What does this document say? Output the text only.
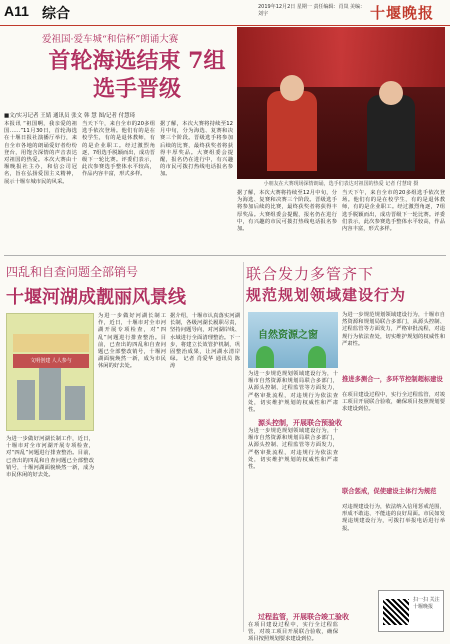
A11 综合	2019年12月2日 星期一 责任编辑：肖岚 美编：刘宇	十堰晚报
爱祖国·爱车城“和信杯”朗诵大赛
首轮海选结束 7组选手晋级
小朋友在大赛现场深情朗诵，选手们表达对祖国的热爱 记者 付慧琦 摄
■文/实习记者 王婧 通讯员 张文 韩 慧 图/记者 付慧琦
本报讯 “祖国啊，我亲爱的祖国……”11月30日，首轮海选在十堰日报社演播厅举行，来自全市各地的朗诵爱好者纷纷登台，用饱含深情的声音表达对祖国的热爱。本次大赛由十堰晚报社主办，和信公司冠名，旨在弘扬爱国主义精神，展示十堰车城市民的风采。
当天下午，来自全市的20多组选手依次登场。他们有的是在校学生，有的是退休教师，有的是企业职工。经过激烈角逐，7组选手脱颖而出，成功晋级下一轮比赛。评委们表示，此次参赛选手整体水平较高，作品内容丰富，形式多样。
据了解，本次大赛将持续至12月中旬，分为海选、复赛和决赛三个阶段。晋级选手将参加后续的比赛，最终获奖者将获得丰厚奖品。大赛组委会提醒，报名仍在进行中，有兴趣的市民可拨打热线电话报名参加。
据了解，本次大赛将持续至12月中旬，分为海选、复赛和决赛三个阶段。晋级选手将参加后续的比赛，最终获奖者将获得丰厚奖品。大赛组委会提醒，报名仍在进行中，有兴趣的市民可拨打热线电话报名参加。
当天下午，来自全市的20多组选手依次登场。他们有的是在校学生，有的是退休教师，有的是企业职工。经过激烈角逐，7组选手脱颖而出，成功晋级下一轮比赛。评委们表示，此次参赛选手整体水平较高，作品内容丰富，形式多样。
四乱和自查问题全部销号
十堰河湖成靓丽风景线
文明创建 人人参与
为进一步做好河湖长制工作，近日，十堰市对全市河湖开展专项检查，对“四乱”问题进行排查整治。目前，已查出的四乱和自查问题已全部整改销号，十堰河湖面貌焕然一新，成为市民休闲的好去处。
据介绍，十堰市认真落实河湖长制，各级河湖长履职尽责，坚持问题导向，对河湖岸线、水域进行全面清理整治。下一步，将建立长效管护机制，巩固整治成果，让河湖水清岸绿。 记者 肖爱华 通讯员 陈涛
为进一步做好河湖长制工作，近日，十堰市对全市河湖开展专项检查，对“四乱”问题进行排查整治。目前，已查出的四乱和自查问题已全部整改销号，十堰河湖面貌焕然一新，成为市民休闲的好去处。
联合发力多管齐下
规范规划领域建设行为
自然资源之窗
为进一步规范规划领域建设行为，十堰市自然资源和规划局联合多部门，从源头控制、过程监管等方面发力，严格审批流程，对违规行为依法查处，切实维护规划的权威性和严肃性。
源头控制，开展联合预验收
为进一步规范规划领域建设行为，十堰市自然资源和规划局联合多部门，从源头控制、过程监管等方面发力，严格审批流程，对违规行为依法查处，切实维护规划的权威性和严肃性。
为进一步规范规划领域建设行为，十堰市自然资源和规划局联合多部门，从源头控制、过程监管等方面发力，严格审批流程，对违规行为依法查处，切实维护规划的权威性和严肃性。
过程监管，开展联合竣工验收
在项目建设过程中，实行全过程监管，对竣工项目开展联合验收，确保项目按照规划要求建设到位。
推进多测合一，多环节控制超标建设
在项目建设过程中，实行全过程监管，对竣工项目开展联合验收，确保项目按照规划要求建设到位。
联合惩戒，促使建设主体行为规范
对违规建设行为，依法纳入信用惩戒范围，形成不敢违、不能违的良好局面。市民如发现违规建设行为，可拨打举报电话进行举报。
扫一扫 关注十堰晚报
